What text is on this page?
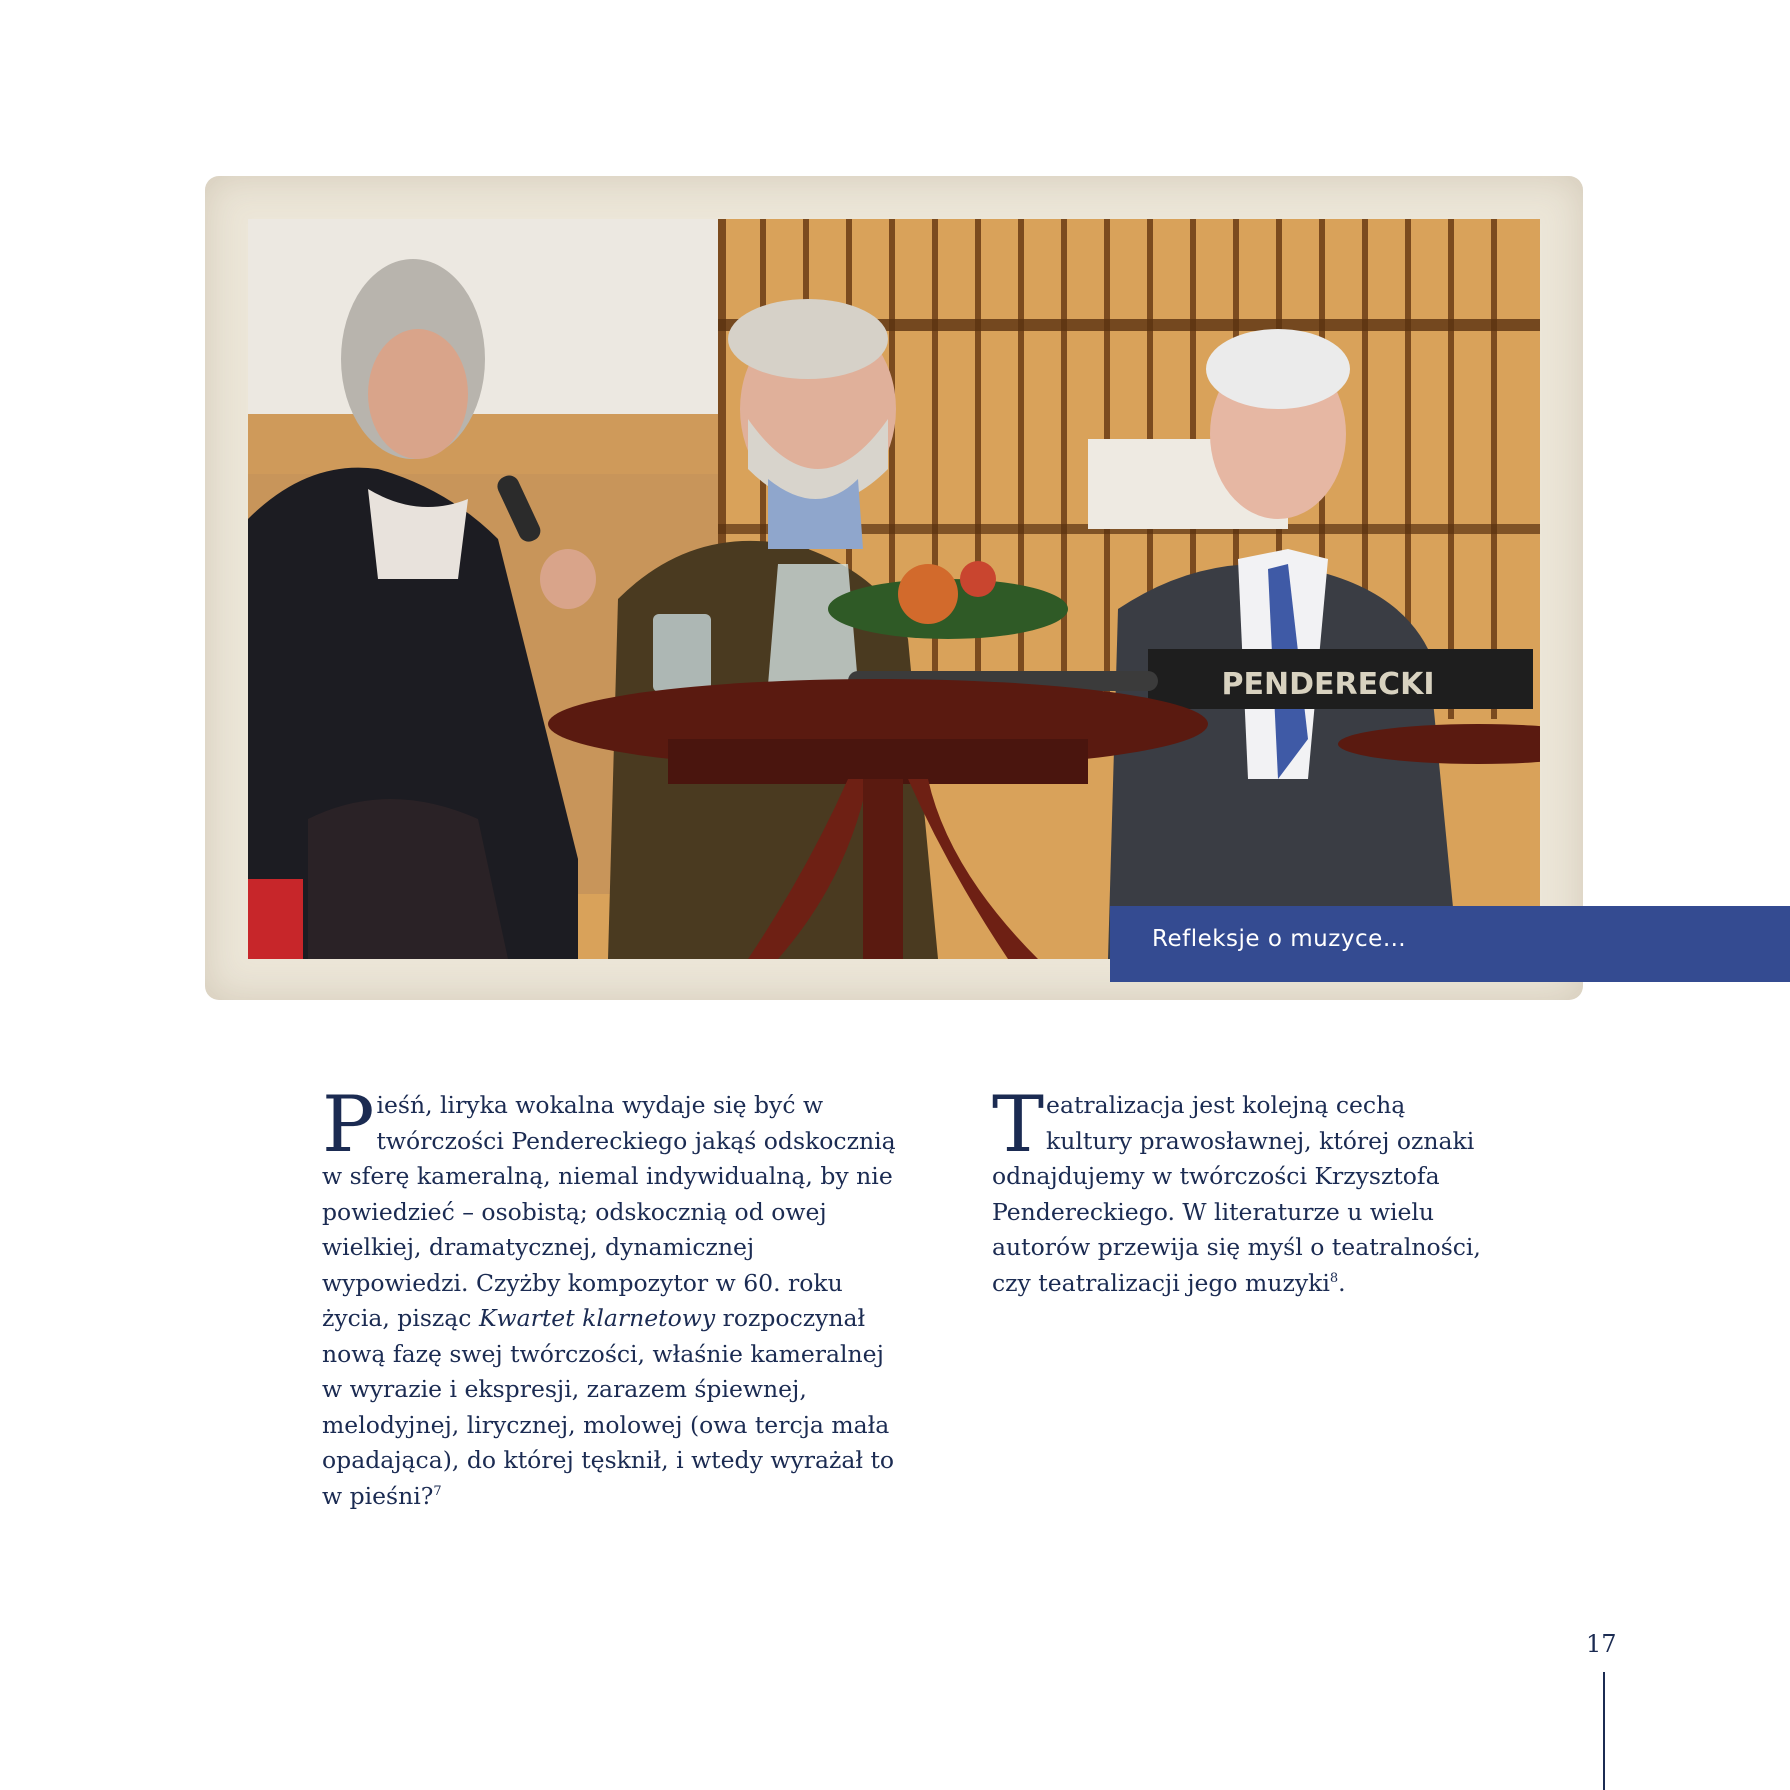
PENDERECKI
Refleksje o muzyce…

Pieśń, liryka wokalna wydaje się być w twórczości Pendereckiego jakąś odskocznią w sferę kameralną, niemal indywidualną, by nie powiedzieć – osobistą; odskocznią od owej wielkiej, dramatycznej, dynamicznej wypowiedzi. Czyżby kompozytor w 60. roku życia, pisząc Kwartet klarnetowy rozpoczynał nową fazę swej twórczości, właśnie kameralnej w wyrazie i ekspresji, zarazem śpiewnej, melodyjnej, lirycznej, molowej (owa tercja mała opadająca), do której tęsknił, i wtedy wyrażał to w pieśni?$^7$

Teatralizacja jest kolejną cechą kultury prawosławnej, której oznaki odnajdujemy w twórczości Krzysztofa Pendereckiego. W literaturze u wielu autorów przewija się myśl o teatralności, czy teatralizacji jego muzyki$^8$.

17
